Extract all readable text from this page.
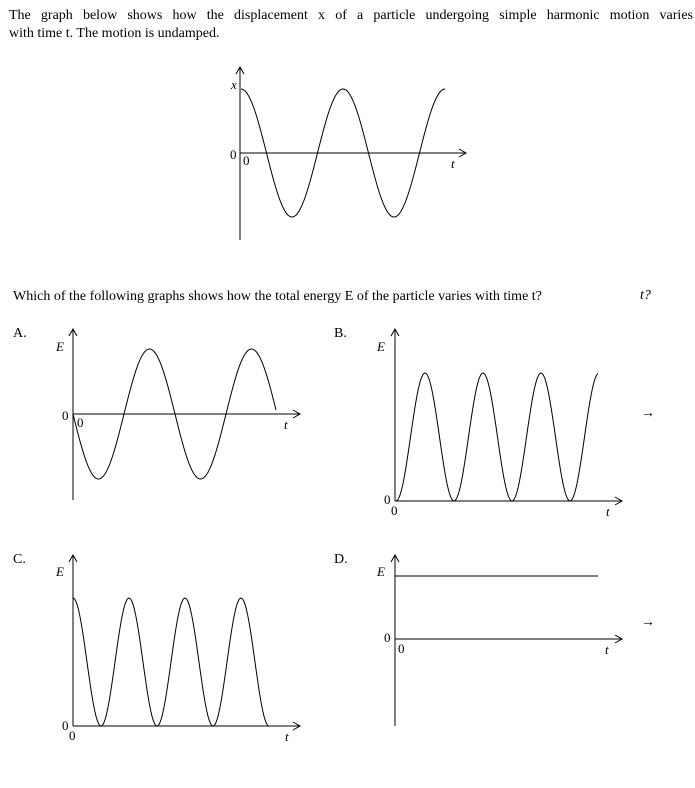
The graph below shows how the displacement x of a particle undergoing simple harmonic motion varies
with time t. The motion is undamped.
x
t
0 0
Which of the following graphs shows how the total energy E of the particle varies with time t?	t?
A.
E
t
0 0
B.
E
t
0
0
→
C.
E
t
0
0
D.
E
t
0
0
→
